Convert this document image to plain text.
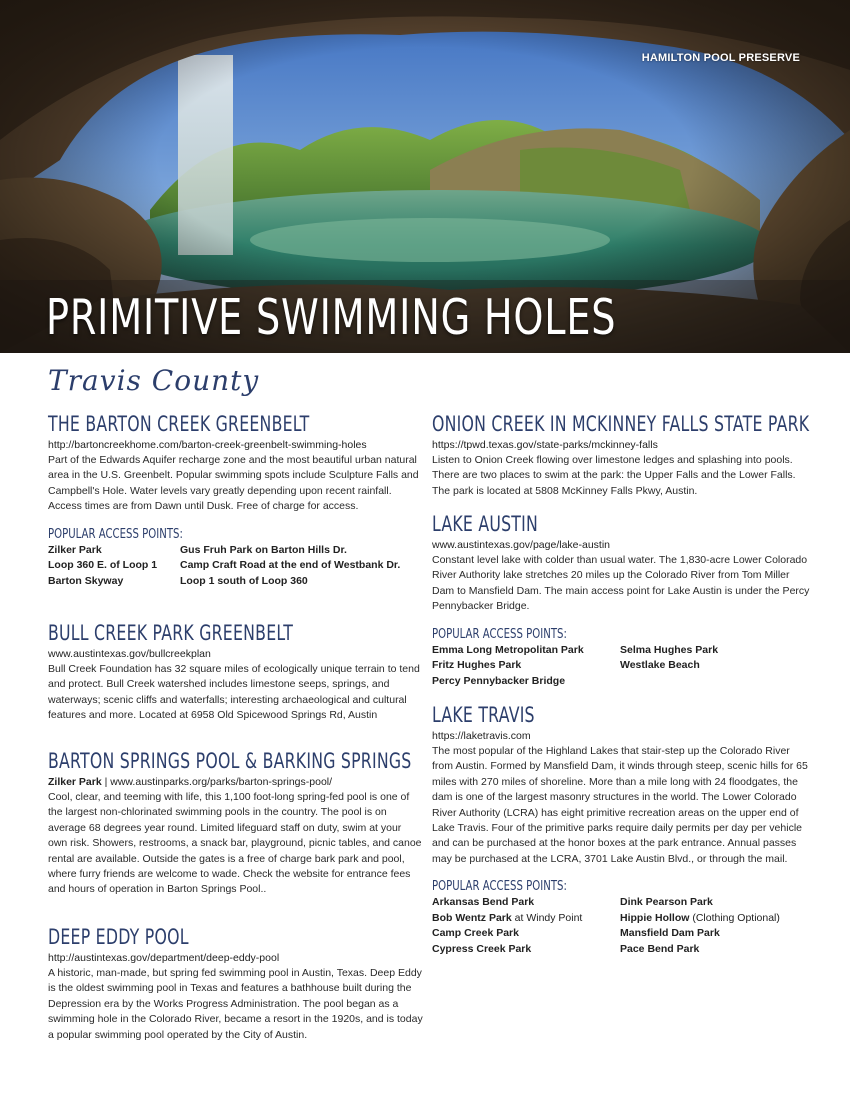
HAMILTON POOL PRESERVE
PRIMITIVE SWIMMING HOLES
Travis County
THE BARTON CREEK GREENBELT
http://bartoncreekhome.com/barton-creek-greenbelt-swimming-holes
Part of the Edwards Aquifer recharge zone and the most beautiful urban natural area in the U.S. Greenbelt. Popular swimming spots include Sculpture Falls and Campbell's Hole. Water levels vary greatly depending upon recent rainfall. Access times are from Dawn until Dusk. Free of charge for access.
POPULAR ACCESS POINTS:
Zilker Park	Gus Fruh Park on Barton Hills Dr.
Loop 360 E. of Loop 1	Camp Craft Road at the end of Westbank Dr.
Barton Skyway	Loop 1 south of Loop 360
BULL CREEK PARK GREENBELT
www.austintexas.gov/bullcreekplan
Bull Creek Foundation has 32 square miles of ecologically unique terrain to tend and protect. Bull Creek watershed includes limestone seeps, springs, and waterways; scenic cliffs and waterfalls; interesting archaeological and cultural features and more. Located at 6958 Old Spicewood Springs Rd, Austin
BARTON SPRINGS POOL & BARKING SPRINGS
Zilker Park | www.austinparks.org/parks/barton-springs-pool/
Cool, clear, and teeming with life, this 1,100 foot-long spring-fed pool is one of the largest non-chlorinated swimming pools in the country. The pool is on average 68 degrees year round. Limited lifeguard staff on duty, swim at your own risk. Showers, restrooms, a snack bar, playground, picnic tables, and canoe rental are available. Outside the gates is a free of charge bark park and pool, where furry friends are welcome to wade. Check the website for entrance fees and hours of operation in Barton Springs Pool..
DEEP EDDY POOL
http://austintexas.gov/department/deep-eddy-pool
A historic, man-made, but spring fed swimming pool in Austin, Texas. Deep Eddy is the oldest swimming pool in Texas and features a bathhouse built during the Depression era by the Works Progress Administration. The pool began as a swimming hole in the Colorado River, became a resort in the 1920s, and is today a popular swimming pool operated by the City of Austin.
ONION CREEK IN MCKINNEY FALLS STATE PARK
https://tpwd.texas.gov/state-parks/mckinney-falls
Listen to Onion Creek flowing over limestone ledges and splashing into pools. There are two places to swim at the park: the Upper Falls and the Lower Falls. The park is located at 5808 McKinney Falls Pkwy, Austin.
LAKE AUSTIN
www.austintexas.gov/page/lake-austin
Constant level lake with colder than usual water. The 1,830-acre Lower Colorado River Authority lake stretches 20 miles up the Colorado River from Tom Miller Dam to Mansfield Dam. The main access point for Lake Austin is under the Percy Pennybacker Bridge.
POPULAR ACCESS POINTS:
Emma Long Metropolitan Park	Selma Hughes Park
Fritz Hughes Park	Westlake Beach
Percy Pennybacker Bridge
LAKE TRAVIS
https://laketravis.com
The most popular of the Highland Lakes that stair-step up the Colorado River from Austin. Formed by Mansfield Dam, it winds through steep, scenic hills for 65 miles with 270 miles of shoreline. More than a mile long with 24 floodgates, the dam is one of the largest masonry structures in the world. The Lower Colorado River Authority (LCRA) has eight primitive recreation areas on the upper end of Lake Travis. Four of the primitive parks require daily permits per day per vehicle and can be purchased at the honor boxes at the park entrance. Annual passes may be purchased at the LCRA, 3701 Lake Austin Blvd., or through the mail.
POPULAR ACCESS POINTS:
Arkansas Bend Park	Dink Pearson Park
Bob Wentz Park at Windy Point	Hippie Hollow (Clothing Optional)
Camp Creek Park	Mansfield Dam Park
Cypress Creek Park	Pace Bend Park
